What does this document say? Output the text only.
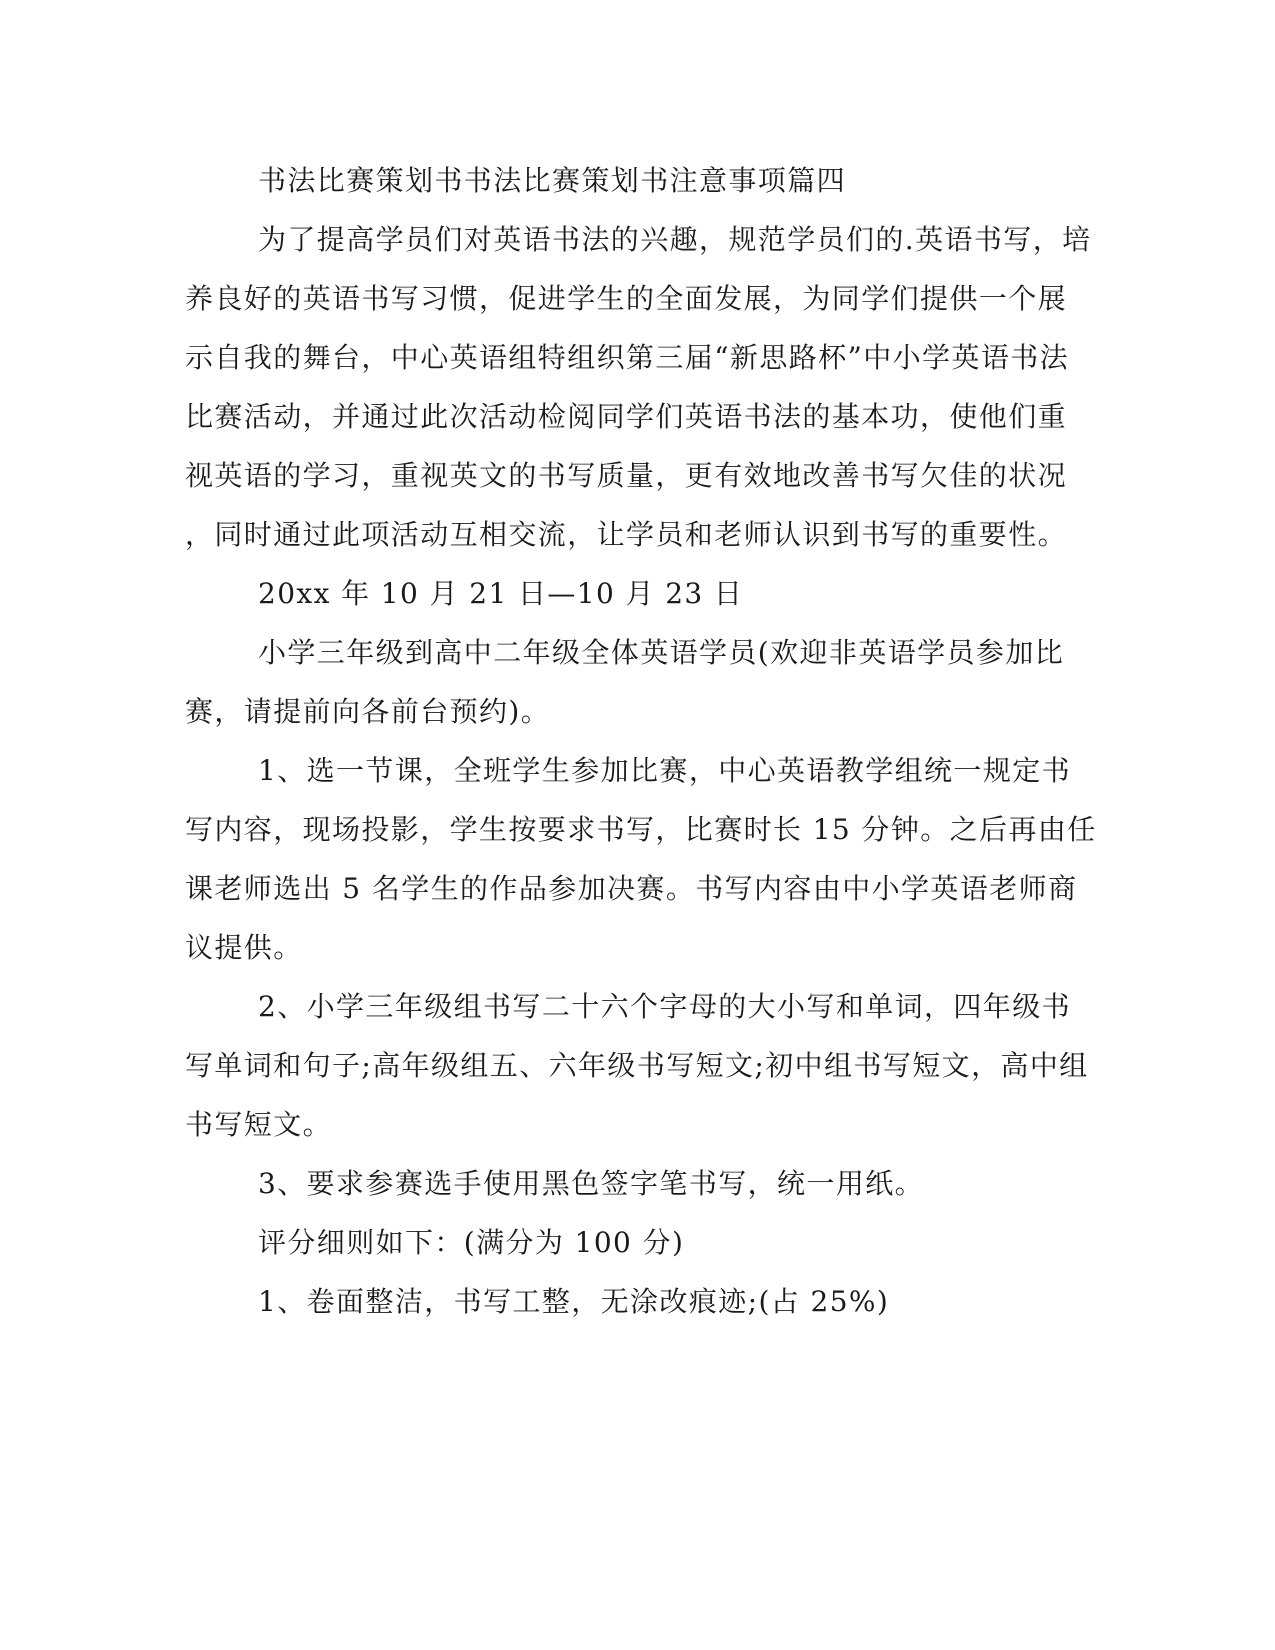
书法比赛策划书书法比赛策划书注意事项篇四
为了提高学员们对英语书法的兴趣，规范学员们的.英语书写，培
养良好的英语书写习惯，促进学生的全面发展，为同学们提供一个展
示自我的舞台，中心英语组特组织第三届“新思路杯”中小学英语书法
比赛活动，并通过此次活动检阅同学们英语书法的基本功，使他们重
视英语的学习，重视英文的书写质量，更有效地改善书写欠佳的状况
，同时通过此项活动互相交流，让学员和老师认识到书写的重要性。
20xx 年 10 月 21 日—10 月 23 日
小学三年级到高中二年级全体英语学员(欢迎非英语学员参加比
赛，请提前向各前台预约)。
1、选一节课，全班学生参加比赛，中心英语教学组统一规定书
写内容，现场投影，学生按要求书写，比赛时长 15 分钟。之后再由任
课老师选出 5 名学生的作品参加决赛。书写内容由中小学英语老师商
议提供。
2、小学三年级组书写二十六个字母的大小写和单词，四年级书
写单词和句子;高年级组五、六年级书写短文;初中组书写短文，高中组
书写短文。
3、要求参赛选手使用黑色签字笔书写，统一用纸。
评分细则如下：(满分为 100 分)
1、卷面整洁，书写工整，无涂改痕迹;(占 25%)
